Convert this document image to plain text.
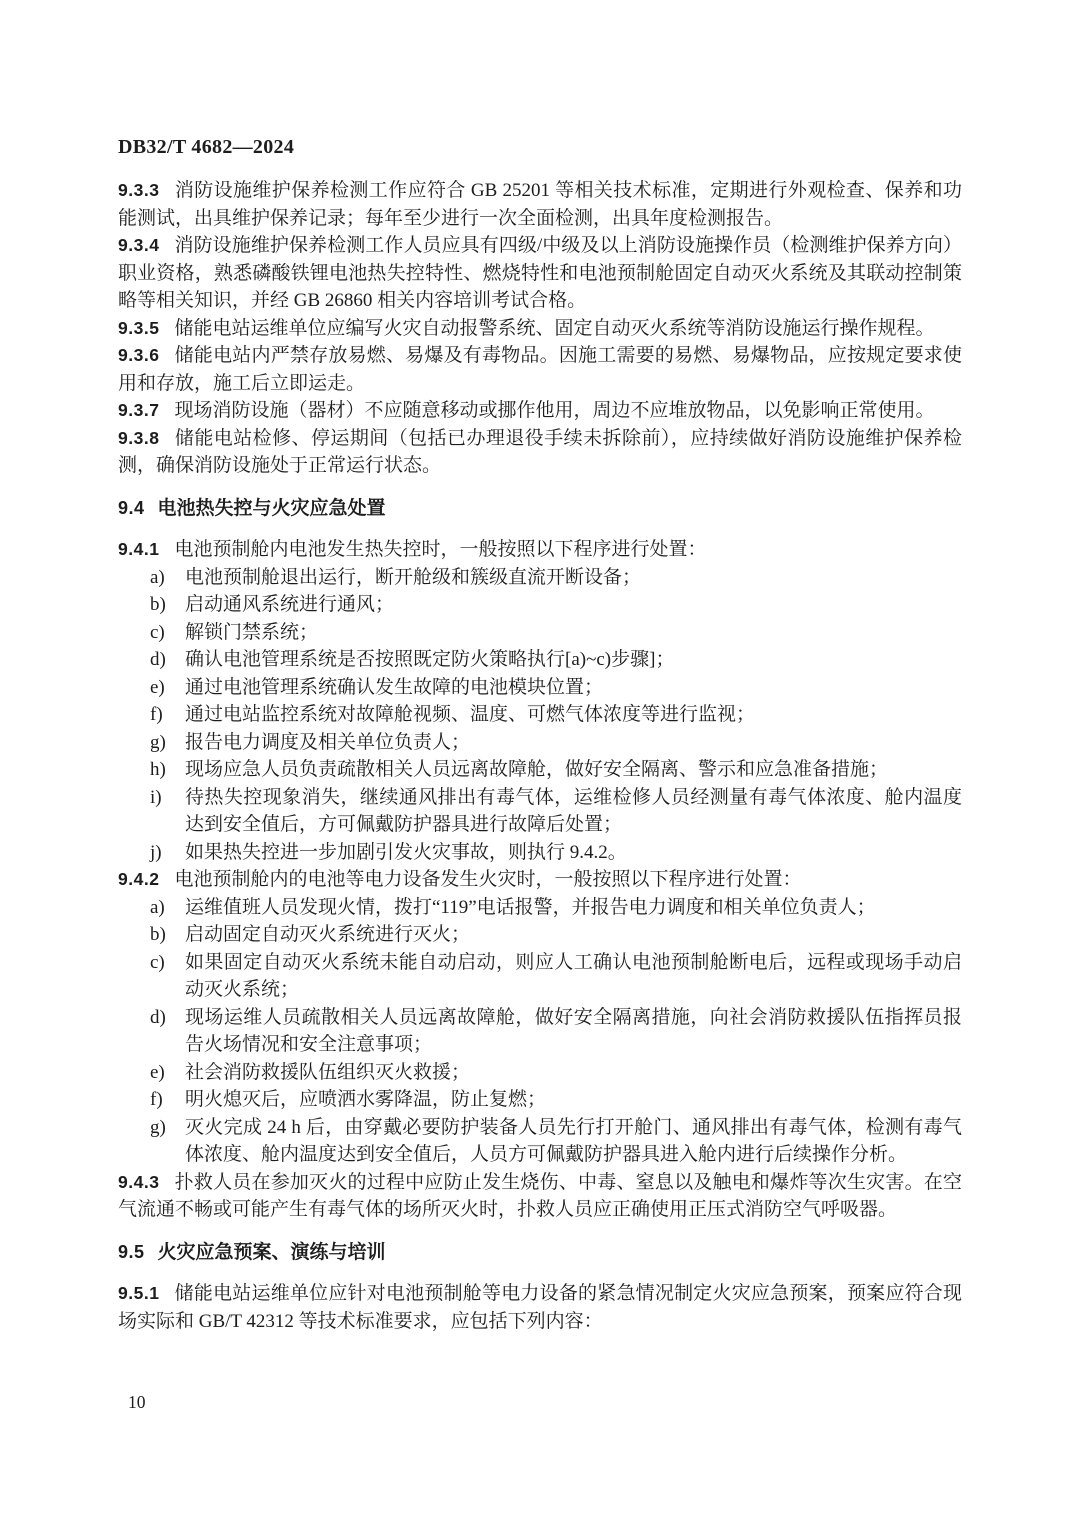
DB32/T 4682—2024

9.3.3 消防设施维护保养检测工作应符合 GB 25201 等相关技术标准，定期进行外观检查、保养和功能测试，出具维护保养记录；每年至少进行一次全面检测，出具年度检测报告。

9.3.4 消防设施维护保养检测工作人员应具有四级/中级及以上消防设施操作员（检测维护保养方向）职业资格，熟悉磷酸铁锂电池热失控特性、燃烧特性和电池预制舱固定自动灭火系统及其联动控制策略等相关知识，并经 GB 26860 相关内容培训考试合格。

9.3.5 储能电站运维单位应编写火灾自动报警系统、固定自动灭火系统等消防设施运行操作规程。

9.3.6 储能电站内严禁存放易燃、易爆及有毒物品。因施工需要的易燃、易爆物品，应按规定要求使用和存放，施工后立即运走。

9.3.7 现场消防设施（器材）不应随意移动或挪作他用，周边不应堆放物品，以免影响正常使用。

9.3.8 储能电站检修、停运期间（包括已办理退役手续未拆除前），应持续做好消防设施维护保养检测，确保消防设施处于正常运行状态。

9.4 电池热失控与火灾应急处置

9.4.1 电池预制舱内电池发生热失控时，一般按照以下程序进行处置：

a) 电池预制舱退出运行，断开舱级和簇级直流开断设备；
b) 启动通风系统进行通风；
c) 解锁门禁系统；
d) 确认电池管理系统是否按照既定防火策略执行[a)~c)步骤]；
e) 通过电池管理系统确认发生故障的电池模块位置；
f) 通过电站监控系统对故障舱视频、温度、可燃气体浓度等进行监视；
g) 报告电力调度及相关单位负责人；
h) 现场应急人员负责疏散相关人员远离故障舱，做好安全隔离、警示和应急准备措施；
i) 待热失控现象消失，继续通风排出有毒气体，运维检修人员经测量有毒气体浓度、舱内温度达到安全值后，方可佩戴防护器具进行故障后处置；
j) 如果热失控进一步加剧引发火灾事故，则执行 9.4.2。

9.4.2 电池预制舱内的电池等电力设备发生火灾时，一般按照以下程序进行处置：

a) 运维值班人员发现火情，拨打“119”电话报警，并报告电力调度和相关单位负责人；
b) 启动固定自动灭火系统进行灭火；
c) 如果固定自动灭火系统未能自动启动，则应人工确认电池预制舱断电后，远程或现场手动启动灭火系统；
d) 现场运维人员疏散相关人员远离故障舱，做好安全隔离措施，向社会消防救援队伍指挥员报告火场情况和安全注意事项；
e) 社会消防救援队伍组织灭火救援；
f) 明火熄灭后，应喷洒水雾降温，防止复燃；
g) 灭火完成 24 h 后，由穿戴必要防护装备人员先行打开舱门、通风排出有毒气体，检测有毒气体浓度、舱内温度达到安全值后，人员方可佩戴防护器具进入舱内进行后续操作分析。

9.4.3 扑救人员在参加灭火的过程中应防止发生烧伤、中毒、窒息以及触电和爆炸等次生灾害。在空气流通不畅或可能产生有毒气体的场所灭火时，扑救人员应正确使用正压式消防空气呼吸器。

9.5 火灾应急预案、演练与培训

9.5.1 储能电站运维单位应针对电池预制舱等电力设备的紧急情况制定火灾应急预案，预案应符合现场实际和 GB/T 42312 等技术标准要求，应包括下列内容：

10
